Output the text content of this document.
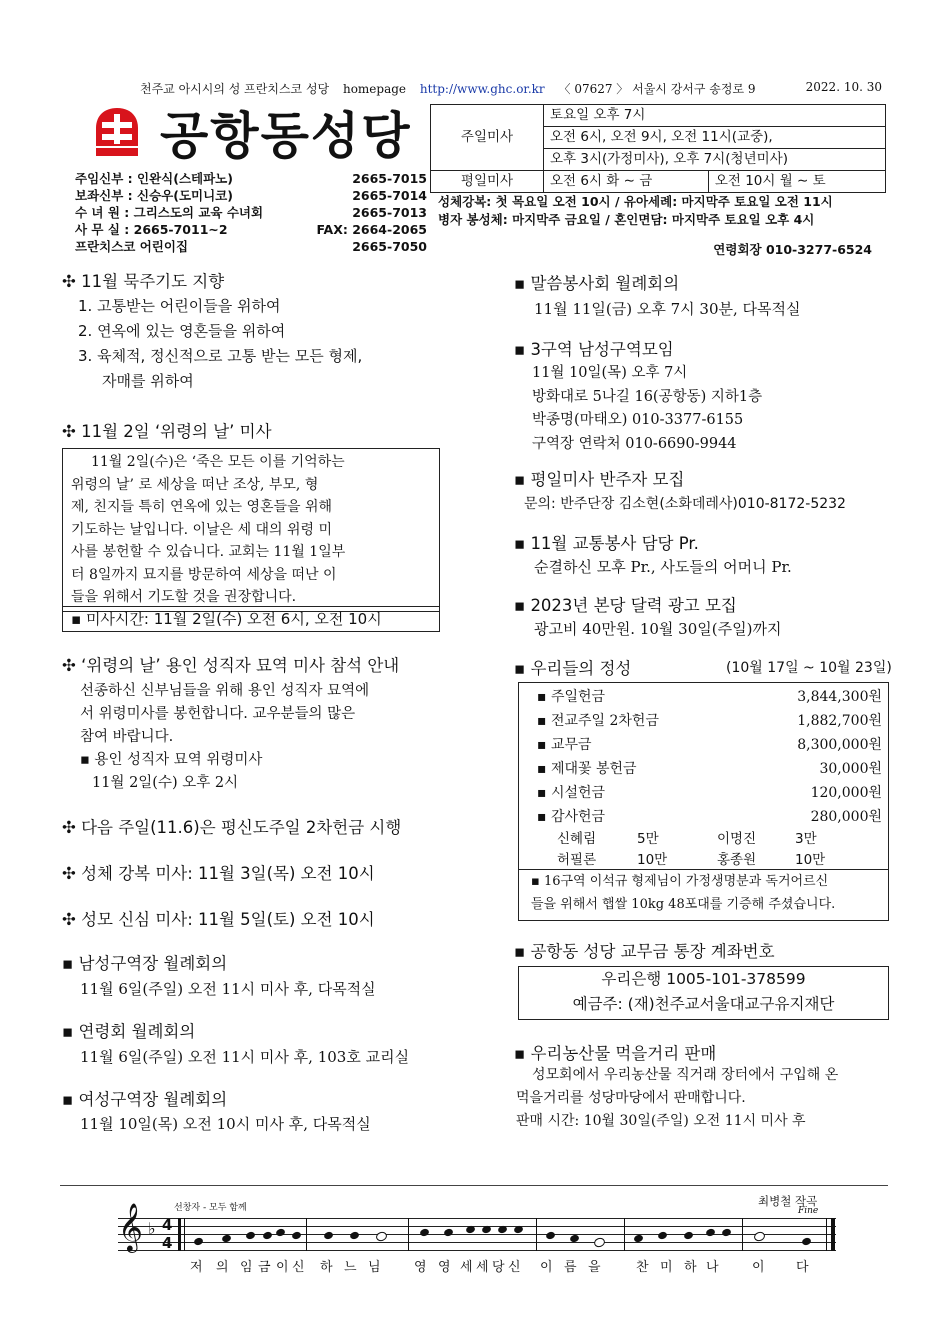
천주교 아시시의 성 프란치스코 성당 homepage http://www.ghc.or.kr 〈 07627 〉 서울시 강서구 송정로 9	2022. 10. 30
공항동성당
주임신부 : 인완식(스테파노)	2665-7015
보좌신부 : 신승우(도미니코)	2665-7014
수 녀 원 : 그리스도의 교육 수녀회	2665-7013
사 무 실 : 2665-7011∼2	FAX: 2664-2065
프란치스코 어린이집	2665-7050
주일미사	토요일 오후 7시	
	오전 6시, 오전 9시, 오전 11시(교중),	
	오후 3시(가정미사), 오후 7시(청년미사)	
평일미사	오전 6시 화 ∼ 금	오전 10시 월 ∼ 토
성체강복: 첫 목요일 오전 10시 / 유아세례: 마지막주 토요일 오전 11시
병자 봉성체: 마지막주 금요일 / 혼인면담: 마지막주 토요일 오후 4시
연령회장 010-3277-6524
✣ 11월 묵주기도 지향
1. 고통받는 어린이들을 위하여
2. 연옥에 있는 영혼들을 위하여
3. 육체적, 정신적으로 고통 받는 모든 형제,
자매를 위하여
✣ 11월 2일 ‘위령의 날’ 미사
11월 2일(수)은 ‘죽은 모든 이를 기억하는
위령의 날’ 로 세상을 떠난 조상, 부모, 형
제, 친지들 특히 연옥에 있는 영혼들을 위해
기도하는 날입니다. 이날은 세 대의 위령 미
사를 봉헌할 수 있습니다. 교회는 11월 1일부
터 8일까지 묘지를 방문하여 세상을 떠난 이
들을 위해서 기도할 것을 권장합니다.
▪ 미사시간: 11월 2일(수) 오전 6시, 오전 10시
✣ ‘위령의 날’ 용인 성직자 묘역 미사 참석 안내
선종하신 신부님들을 위해 용인 성직자 묘역에
서 위령미사를 봉헌합니다. 교우분들의 많은
참여 바랍니다.
▪ 용인 성직자 묘역 위령미사
11월 2일(수) 오후 2시
✣ 다음 주일(11.6)은 평신도주일 2차헌금 시행
✣ 성체 강복 미사: 11월 3일(목) 오전 10시
✣ 성모 신심 미사: 11월 5일(토) 오전 10시
▪ 남성구역장 월례회의
11월 6일(주일) 오전 11시 미사 후, 다목적실
▪ 연령회 월례회의
11월 6일(주일) 오전 11시 미사 후, 103호 교리실
▪ 여성구역장 월례회의
11월 10일(목) 오전 10시 미사 후, 다목적실
▪ 말씀봉사회 월례회의
11월 11일(금) 오후 7시 30분, 다목적실
▪ 3구역 남성구역모임
11월 10일(목) 오후 7시
방화대로 5나길 16(공항동) 지하1층
박종명(마태오) 010-3377-6155
구역장 연락처 010-6690-9944
▪ 평일미사 반주자 모집
문의: 반주단장 김소현(소화데레사)010-8172-5232
▪ 11월 교통봉사 담당 Pr.
순결하신 모후 Pr., 사도들의 어머니 Pr.
▪ 2023년 본당 달력 광고 모집
광고비 40만원. 10월 30일(주일)까지
▪ 우리들의 정성	(10월 17일 ~ 10월 23일)
▪ 주일헌금	3,844,300원
▪ 전교주일 2차헌금	1,882,700원
▪ 교무금	8,300,000원
▪ 제대꽃 봉헌금	30,000원
▪ 시설헌금	120,000원
▪ 감사헌금	280,000원
신혜림	5만	이명진	3만
허필론	10만	홍종원	10만
▪ 16구역 이석규 형제님이 가정생명분과 독거어르신
들을 위해서 햅쌀 10kg 48포대를 기증해 주셨습니다.
▪ 공항동 성당 교무금 통장 계좌번호
우리은행 1005-101-378599
예금주: (재)천주교서울대교구유지재단
▪ 우리농산물 먹을거리 판매
성모회에서 우리농산물 직거래 장터에서 구입해 온
먹을거리를 성당마당에서 판매합니다.
판매 시간: 10월 30일(주일) 오전 11시 미사 후
선창자 - 모두 함께	최병철 작곡
Fine
𝄞 ♭ 4
4
저 의 임 금 이 신 하 느 님	영 영 세 세 당 신 이 름 을	찬 미 하 나	이 다
